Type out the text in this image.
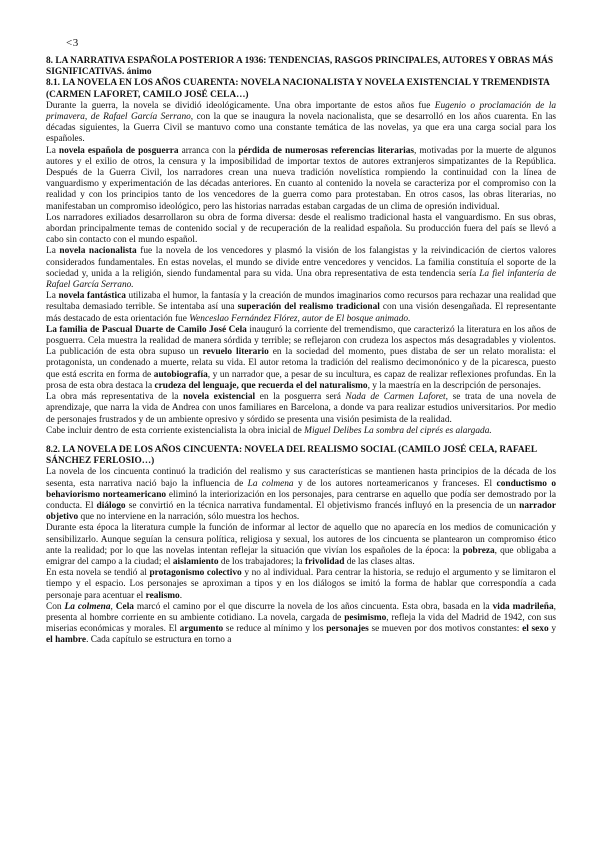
<3
8. LA NARRATIVA ESPAÑOLA POSTERIOR A 1936: TENDENCIAS, RASGOS PRINCIPALES, AUTORES Y OBRAS MÁS SIGNIFICATIVAS. ánimo
8.1. LA NOVELA EN LOS AÑOS CUARENTA: NOVELA NACIONALISTA Y NOVELA EXISTENCIAL Y TREMENDISTA (CARMEN LAFORET, CAMILO JOSÉ CELA…)

Durante la guerra, la novela se dividió ideológicamente. Una obra importante de estos años fue Eugenio o proclamación de la primavera, de Rafael García Serrano, con la que se inaugura la novela nacionalista, que se desarrolló en los años cuarenta. En las décadas siguientes, la Guerra Civil se mantuvo como una constante temática de las novelas, ya que era una carga social para los españoles.

La novela española de posguerra arranca con la pérdida de numerosas referencias literarias, motivadas por la muerte de algunos autores y el exilio de otros, la censura y la imposibilidad de importar textos de autores extranjeros simpatizantes de la República. Después de la Guerra Civil, los narradores crean una nueva tradición novelística rompiendo la continuidad con la línea de vanguardismo y experimentación de las décadas anteriores. En cuanto al contenido la novela se caracteriza por el compromiso con la realidad y con los principios tanto de los vencedores de la guerra como para protestaban. En otros casos, las obras literarias, no manifestaban un compromiso ideológico, pero las historias narradas estaban cargadas de un clima de opresión individual.

Los narradores exiliados desarrollaron su obra de forma diversa: desde el realismo tradicional hasta el vanguardismo. En sus obras, abordan principalmente temas de contenido social y de recuperación de la realidad española. Su producción fuera del país se llevó a cabo sin contacto con el mundo español.

La novela nacionalista fue la novela de los vencedores y plasmó la visión de los falangistas y la reivindicación de ciertos valores considerados fundamentales. En estas novelas, el mundo se divide entre vencedores y vencidos. La familia constituía el soporte de la sociedad y, unida a la religión, siendo fundamental para su vida. Una obra representativa de esta tendencia sería La fiel infantería de Rafael García Serrano.

La novela fantástica utilizaba el humor, la fantasía y la creación de mundos imaginarios como recursos para rechazar una realidad que resultaba demasiado terrible. Se intentaba así una superación del realismo tradicional con una visión desengañada. El representante más destacado de esta orientación fue Wenceslao Fernández Flórez, autor de El bosque animado.

La familia de Pascual Duarte de Camilo José Cela inauguró la corriente del tremendismo, que caracterizó la literatura en los años de posguerra. Cela muestra la realidad de manera sórdida y terrible; se reflejaron con crudeza los aspectos más desagradables y violentos. La publicación de esta obra supuso un revuelo literario en la sociedad del momento, pues distaba de ser un relato moralista: el protagonista, un condenado a muerte, relata su vida. El autor retoma la tradición del realismo decimonónico y de la picaresca, puesto que está escrita en forma de autobiografía, y un narrador que, a pesar de su incultura, es capaz de realizar reflexiones profundas. En la prosa de esta obra destaca la crudeza del lenguaje, que recuerda el del naturalismo, y la maestría en la descripción de personajes.

La obra más representativa de la novela existencial en la posguerra será Nada de Carmen Laforet, se trata de una novela de aprendizaje, que narra la vida de Andrea con unos familiares en Barcelona, a donde va para realizar estudios universitarios. Por medio de personajes frustrados y de un ambiente opresivo y sórdido se presenta una visión pesimista de la realidad.

Cabe incluir dentro de esta corriente existencialista la obra inicial de Miguel Delibes La sombra del ciprés es alargada.

8.2. LA NOVELA DE LOS AÑOS CINCUENTA: NOVELA DEL REALISMO SOCIAL (CAMILO JOSÉ CELA, RAFAEL SÁNCHEZ FERLOSIO…)

La novela de los cincuenta continuó la tradición del realismo y sus características se mantienen hasta principios de la década de los sesenta, esta narrativa nació bajo la influencia de La colmena y de los autores norteamericanos y franceses. El conductismo o behaviorismo norteamericano eliminó la interiorización en los personajes, para centrarse en aquello que podía ser demostrado por la conducta. El diálogo se convirtió en la técnica narrativa fundamental. El objetivismo francés influyó en la presencia de un narrador objetivo que no interviene en la narración, sólo muestra los hechos.

Durante esta época la literatura cumple la función de informar al lector de aquello que no aparecía en los medios de comunicación y sensibilizarlo. Aunque seguían la censura política, religiosa y sexual, los autores de los cincuenta se plantearon un compromiso ético ante la realidad; por lo que las novelas intentan reflejar la situación que vivían los españoles de la época: la pobreza, que obligaba a emigrar del campo a la ciudad; el aislamiento de los trabajadores; la frivolidad de las clases altas.

En esta novela se tendió al protagonismo colectivo y no al individual. Para centrar la historia, se redujo el argumento y se limitaron el tiempo y el espacio. Los personajes se aproximan a tipos y en los diálogos se imitó la forma de hablar que correspondía a cada personaje para acentuar el realismo.

Con La colmena, Cela marcó el camino por el que discurre la novela de los años cincuenta. Esta obra, basada en la vida madrileña, presenta al hombre corriente en su ambiente cotidiano. La novela, cargada de pesimismo, refleja la vida del Madrid de 1942, con sus miserias económicas y morales. El argumento se reduce al mínimo y los personajes se mueven por dos motivos constantes: el sexo y el hambre. Cada capítulo se estructura en torno a
